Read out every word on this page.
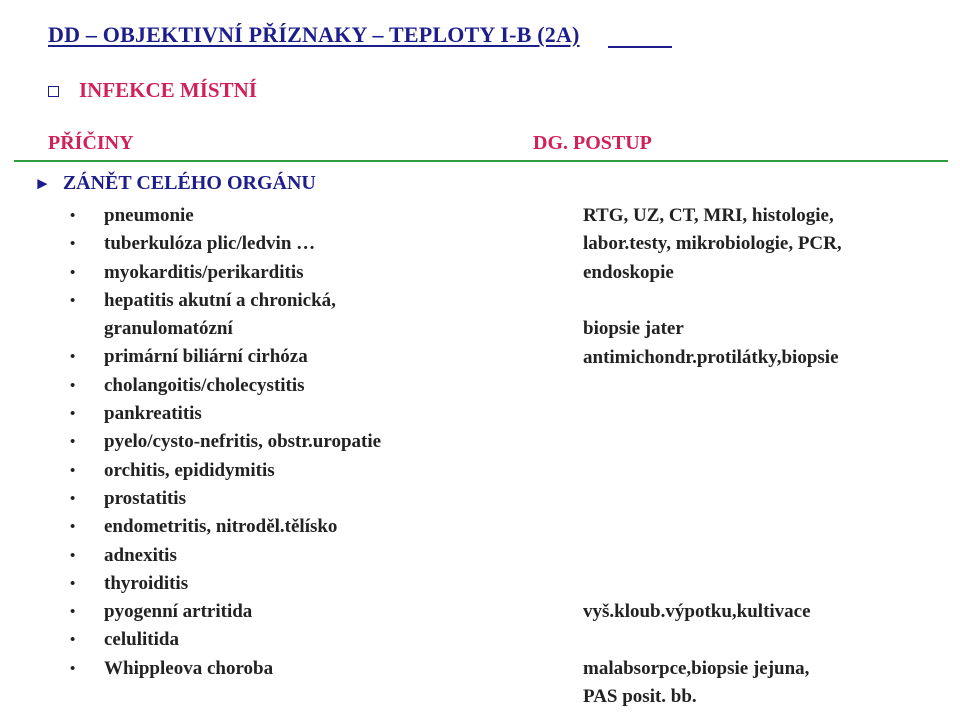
DD – OBJEKTIVNÍ PŘÍZNAKY – TEPLOTY I-B (2A)
INFEKCE MÍSTNÍ
PŘÍČINY	DG. POSTUP
► ZÁNĚT CELÉHO ORGÁNU
• pneumonie
• tuberkulóza plic/ledvin …
• myokarditis/perikarditis
• hepatitis akutní a chronická,
granulomatózní
• primární biliární cirhóza
• cholangoitis/cholecystitis
• pankreatitis
• pyelo/cysto-nefritis, obstr.uropatie
• orchitis, epididymitis
• prostatitis
• endometritis, nitroděl.tělísko
• adnexitis
• thyroiditis
• pyogenní artritida
• celulitida
• Whippleova choroba
RTG, UZ, CT, MRI, histologie,
labor.testy, mikrobiologie, PCR,
endoskopie
biopsie jater
antimichondr.protilátky,biopsie
vyš.kloub.výpotku,kultivace
malabsorpce,biopsie jejuna,
PAS posit. bb.
